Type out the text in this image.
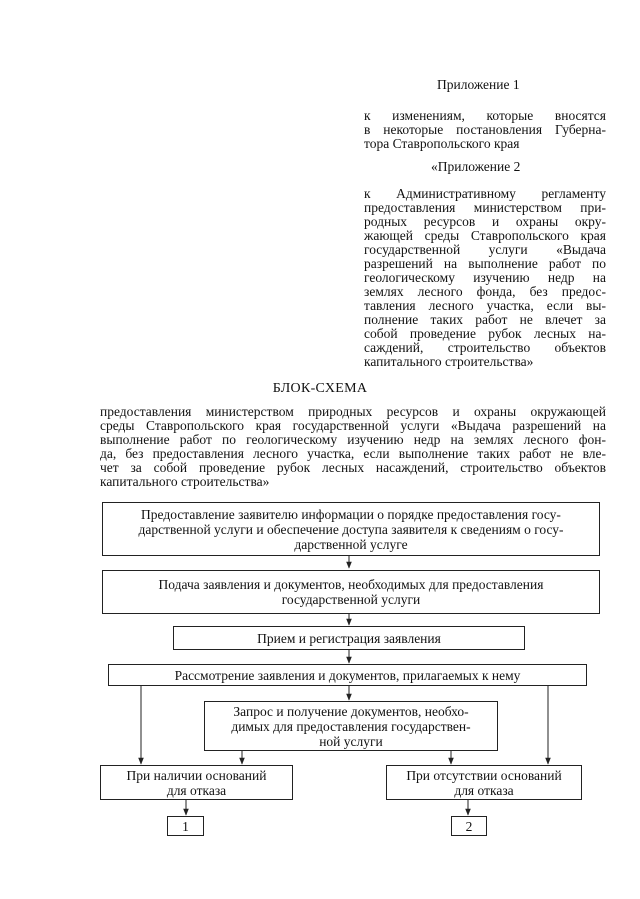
Приложение 1
к изменениям, которые вносятся
в некоторые постановления Губерна-
тора Ставропольского края
«Приложение 2
к Административному регламенту
предоставления министерством при-
родных ресурсов и охраны окру-
жающей среды Ставропольского края
государственной услуги «Выдача
разрешений на выполнение работ по
геологическому изучению недр на
землях лесного фонда, без предос-
тавления лесного участка, если вы-
полнение таких работ не влечет за
собой проведение рубок лесных на-
саждений, строительство объектов
капитального строительства»
БЛОК-СХЕМА
предоставления министерством природных ресурсов и охраны окружающей
среды Ставропольского края государственной услуги «Выдача разрешений на
выполнение работ по геологическому изучению недр на землях лесного фон-
да, без предоставления лесного участка, если выполнение таких работ не вле-
чет за собой проведение рубок лесных насаждений, строительство объектов
капитального строительства»
Предоставление заявителю информации о порядке предоставления госу-
дарственной услуги и обеспечение доступа заявителя к сведениям о госу-
дарственной услуге
Подача заявления и документов, необходимых для предоставления
государственной услуги
Прием и регистрация заявления
Рассмотрение заявления и документов, прилагаемых к нему
Запрос и получение документов, необхо-
димых для предоставления государствен-
ной услуги
При наличии оснований
для отказа
При отсутствии оснований
для отказа
1	2
